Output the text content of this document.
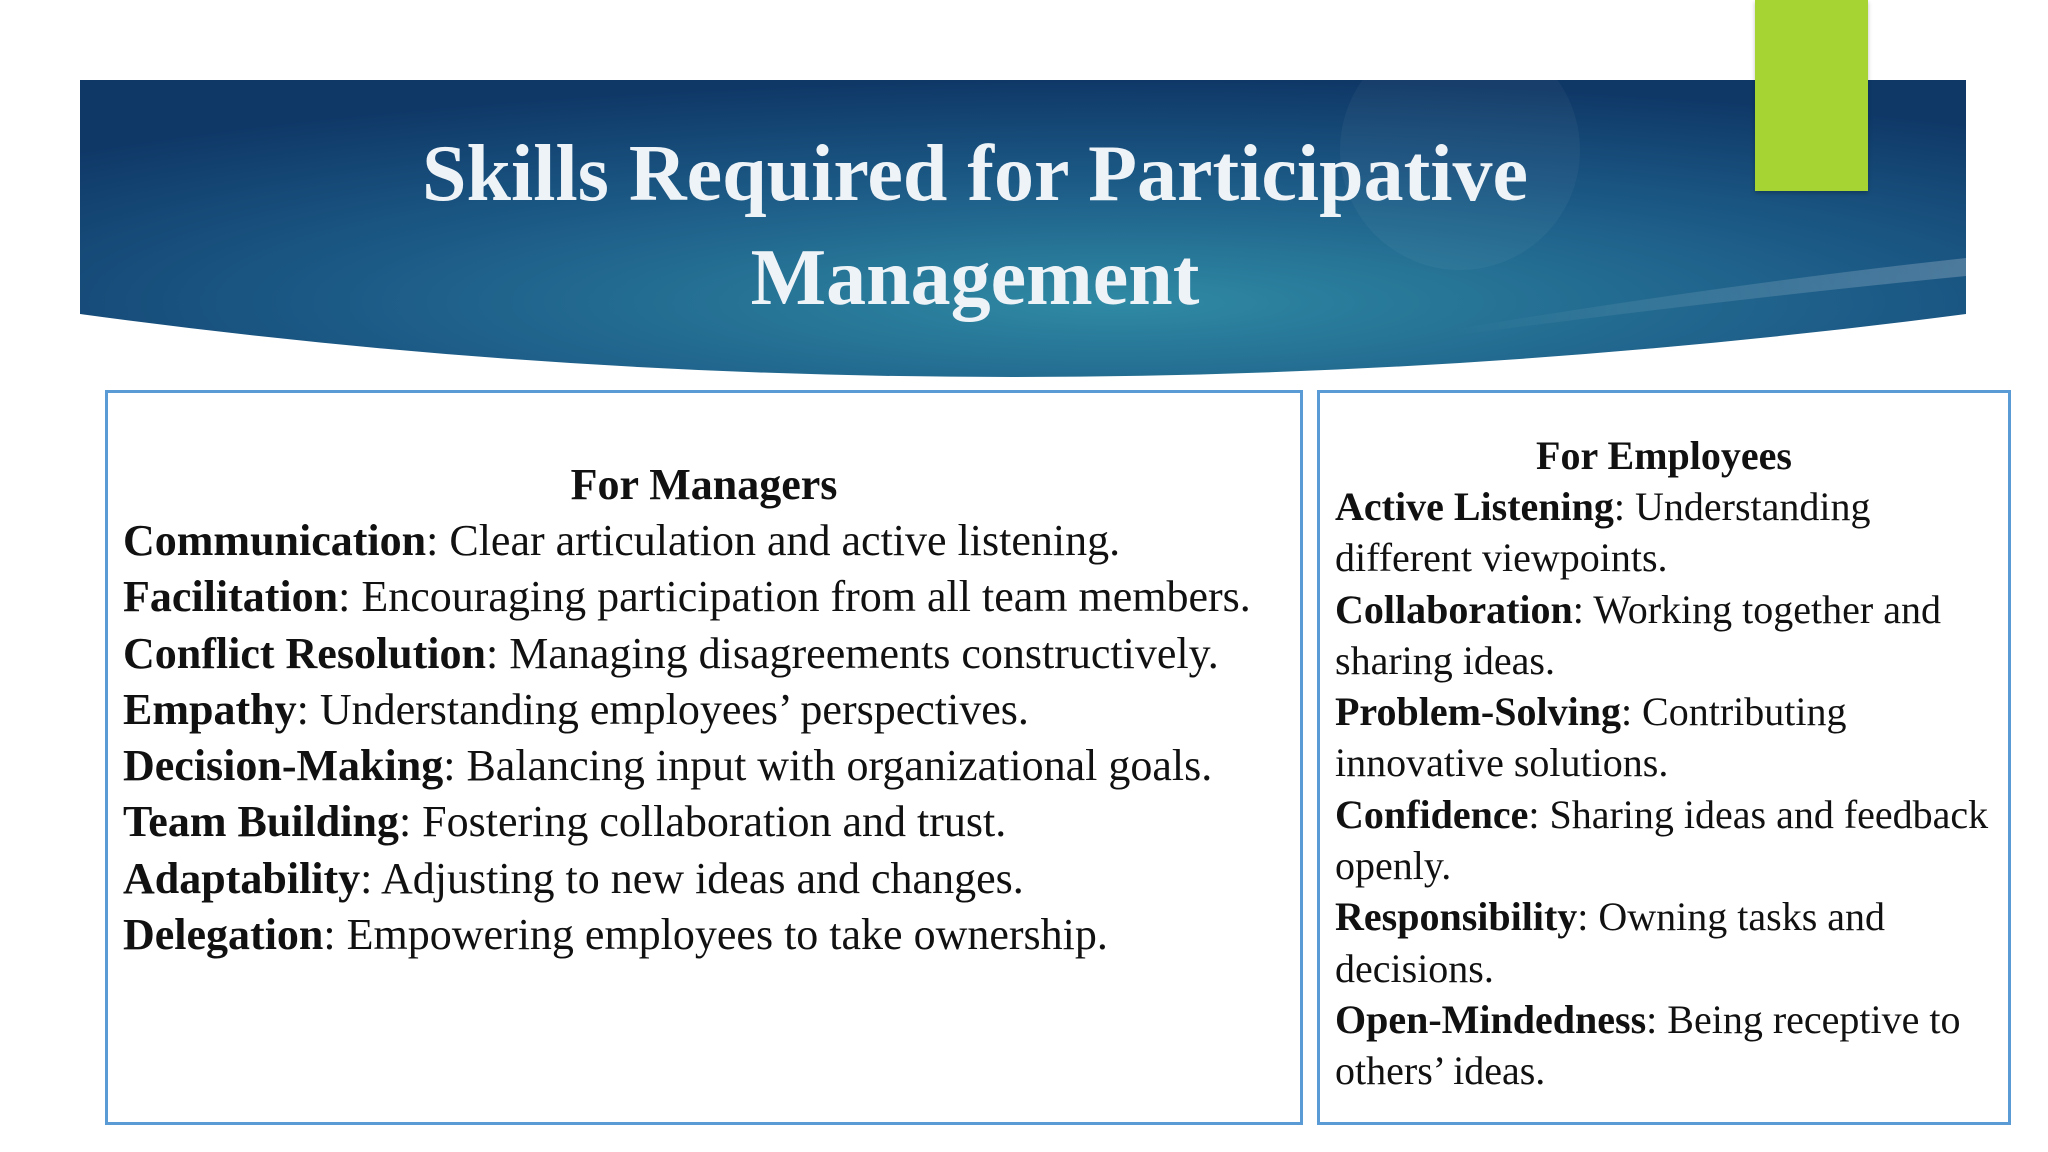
Skills Required for Participative Management
For Managers
Communication: Clear articulation and active listening.
Facilitation: Encouraging participation from all team members.
Conflict Resolution: Managing disagreements constructively.
Empathy: Understanding employees’ perspectives.
Decision-Making: Balancing input with organizational goals.
Team Building: Fostering collaboration and trust.
Adaptability: Adjusting to new ideas and changes.
Delegation: Empowering employees to take ownership.
For Employees
Active Listening: Understanding different viewpoints.
Collaboration: Working together and sharing ideas.
Problem-Solving: Contributing innovative solutions.
Confidence: Sharing ideas and feedback openly.
Responsibility: Owning tasks and decisions.
Open-Mindedness: Being receptive to others’ ideas.
